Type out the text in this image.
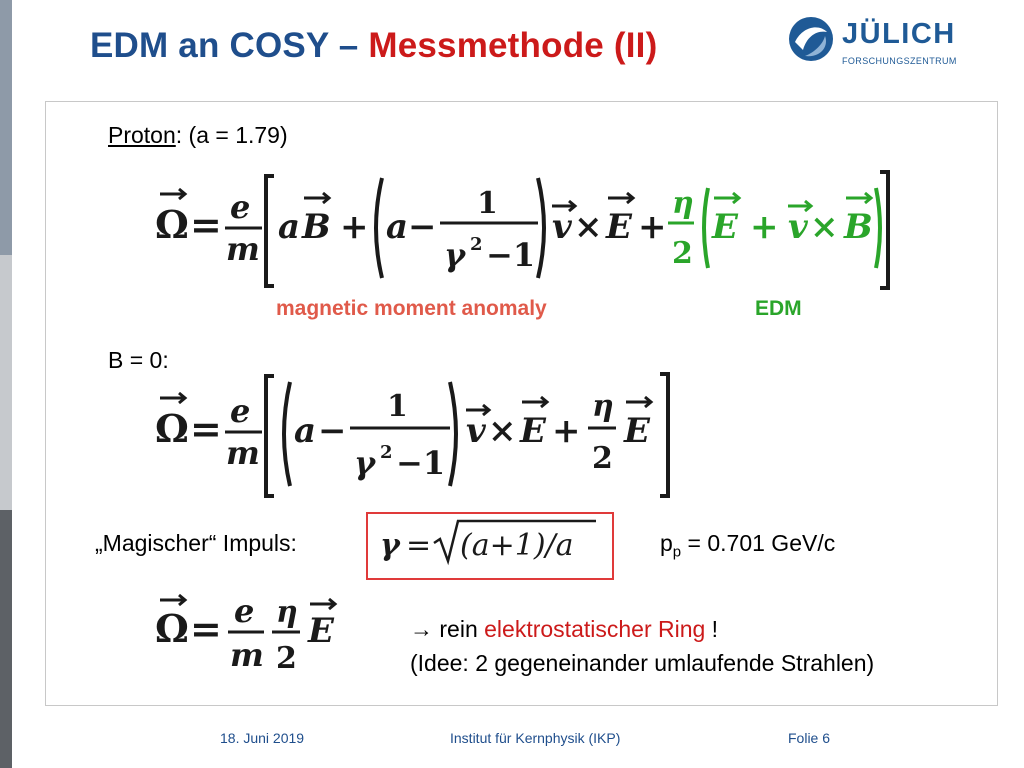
EDM an COSY – Messmethode (II)	JÜLICH
FORSCHUNGSZENTRUM
Proton: (a = 1.79)
Ω = e
m
a B + a −
1
γ 2 −1
v × E +
η
2
E + v × B
magnetic moment anomaly	EDM
B = 0:
Ω = e
m
a −
1
γ 2 −1
v × E +
η
2
E
„Magischer“ Impuls:	γ = (a+1)/a	$p_p = 0.701$ GeV/c
Ω = e
m
η
2
E	→ rein elektrostatischer Ring !
(Idee: 2 gegeneinander umlaufende Strahlen)
18. Juni 2019	Institut für Kernphysik (IKP)	Folie 6
